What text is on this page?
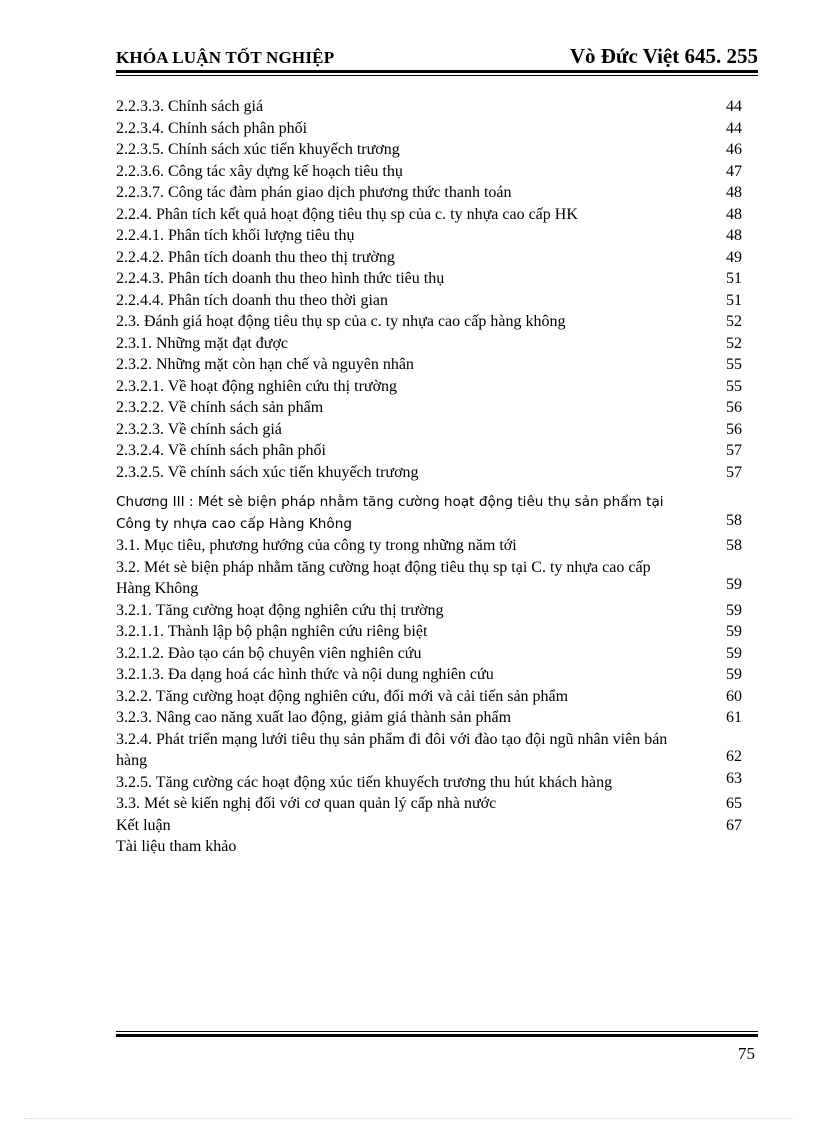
KHÓA LUẬN TỐT NGHIỆP	Vò Đức Việt 645. 255
2.2.3.3. Chính sách giá	44
2.2.3.4. Chính sách phân phối	44
2.2.3.5. Chính sách xúc tiến khuyếch trương	46
2.2.3.6. Công tác xây dựng kế hoạch tiêu thụ	47
2.2.3.7. Công tác đàm phán giao dịch phương thức thanh toán	48
2.2.4. Phân tích kết quả hoạt động tiêu thụ sp của c. ty nhựa cao cấp HK	48
2.2.4.1. Phân tích khối lượng tiêu thụ	48
2.2.4.2. Phân tích doanh thu theo thị trường	49
2.2.4.3. Phân tích doanh thu theo hình thức tiêu thụ	51
2.2.4.4. Phân tích doanh thu theo thời gian	51
2.3. Đánh giá hoạt động tiêu thụ sp của c. ty nhựa cao cấp hàng không	52
2.3.1. Những mặt đạt được	52
2.3.2. Những mặt còn hạn chế và nguyên nhân	55
2.3.2.1. Về hoạt động nghiên cứu thị trường	55
2.3.2.2. Về chính sách sản phẩm	56
2.3.2.3. Về chính sách giá	56
2.3.2.4. Về chính sách phân phối	57
2.3.2.5. Về chính sách xúc tiến khuyếch trương	57
Chương III : Mét sè biện pháp nhằm tăng cường hoạt động tiêu thụ sản phẩm tại Công ty nhựa cao cấp Hàng Không	58
3.1. Mục tiêu, phương hướng của công ty trong những năm tới	58
3.2. Mét sè biện pháp nhằm tăng cường hoạt động tiêu thụ sp tại C. ty nhựa cao cấp Hàng Không	59
3.2.1. Tăng cường hoạt động nghiên cứu thị trường	59
3.2.1.1. Thành lập bộ phận nghiên cứu riêng biệt	59
3.2.1.2. Đào tạo cán bộ chuyên viên nghiên cứu	59
3.2.1.3. Đa dạng hoá các hình thức và nội dung nghiên cứu	59
3.2.2. Tăng cường hoạt động nghiên cứu, đổi mới và cải tiến sản phẩm	60
3.2.3. Nâng cao năng xuất lao động, giảm giá thành sản phẩm	61
3.2.4. Phát triển mạng lưới tiêu thụ sản phẩm đi đôi với đào tạo đội ngũ nhân viên bán hàng	62
3.2.5. Tăng cường các hoạt động xúc tiến khuyếch trương thu hút khách hàng	63
3.3. Mét sè kiến nghị đối với cơ quan quản lý cấp nhà nước	65
Kết luận	67
Tài liệu tham khảo
75
